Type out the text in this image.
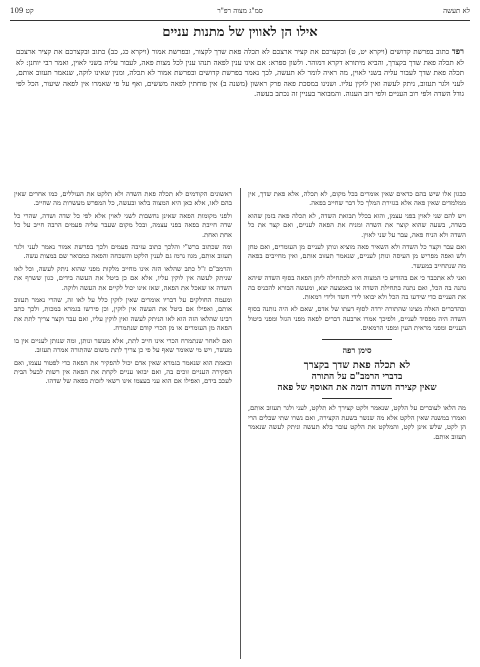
לא תעשה
סמ"ג מצוה רפ"ר
קט 109
אילו הן לאווין של מתנות עניים
רפד כתוב בפרשת קדושים (ויקרא יט, ט) ובקצרכם את קציר ארצכם לא תכלה פאת שדך לקצור, ובפרשת אמור (ויקרא כג, כב) כתוב ובקצרכם את קציר ארצכם לא תכלה פאת שדך בקצרך, והביא מיתורא דקרא דמוהר. ולשון ספרא: אם אינו ענין לפאה תנהו ענין לכל מצות פאה, לעבור עליה בשני לאוין, ואמר רבי יוחנן: לא תכלה פאת שדך לעבור עליה בשני לאוין, מה ראיה לומר לא תעשה, לכך נאמר בפרשת קדושים ובפרשת אמור לא תכלה, ומנין שאינו לוקה, שנאמר תעזוב אותם, לעני ולגר תעזוב, ניתק לעשה ואין לוקין עליו. ושנינו במסכת פאה פרק ראשון (משנה ב) אין פוחתין לפאה מששים, ואף על פי שאמרו אין לפאה שיעור, הכל לפי גודל השדה ולפי רוב העניים ולפי רוב הענוה. והמבואר בעניין זה נכתב בעשה.

כבגון אלו שיש בהם כדאים שאין אומרים בכל מקום, לא תכלה, אלא פאת שדך, אין ממלמדים שאין פאה אלא בגזירת המלך כל דבר שחייב בפאה.

ויש להם שני לאוין בפני עצמן, והוא בכלל תבואת השדה, לא תכלה פאה בזמן שהוא בשדה, בשעה שהוא קוצר את השדה ומניח את הפאה לעניים, ואם קצר את כל השדה ולא הניח פאה, עבר על שני לאוין.

ואם עבר וקצר כל השדה ולא השאיר פאה מוציא ונותן לעניים מן העומרים, ואם טחן ולש ואפה מפריש מן העיסה ונותן לעניים, שנאמר תעזוב אותם, ואין מחייבים בפאה מה שנתחייב במעשר.

ואני לא אתכבד כי אם בהודיע כי המצוה היא לכתחילה ליתן הפאה בסוף השדה שיהא נהנה בה הכל, ואם נתנה בתחילת השדה או באמצעה יצא, ומעשה הבורא להכניס בה את העניים כדי שידעו בה הכל ולא יבואו לידי חשד ולידי רמאות.

ובהדברים האלה מצינו שהתורה ירדה לסוף דעתו של אדם, שאם לא היה נותנה בסוף השדה היה מפסיד לעניים, ולפיכך אמרו ארבעה דברים לפאה מפני הגזל ומפני ביטול העניים ומפני מראית העין ומפני הרמאים.

סימן רפה
לא תכלה פאת שדך בקצרך
בדברי הרמב"ם על התורה
שאין קצירה השדה דומה את האוסף של פאה

מה הלאו לעוברים על הלקט, שנאמר ולקט קצירך לא תלקט, לעני ולגר תעזוב אותם, ואמרו במשנה שאין הלקט אלא מה שנשר בשעת הקצירה, ואם נשרו שתי שבלים הרי הן לקט, שלש אינן לקט, והמלקט את הלקט עובר בלא תעשה וניתק לעשה שנאמר תעזוב אותם.

ראשונים הקודמים לא תכלה פאת השדה ולא תלקט את העוללים, כמו אחרים שאין בהם לאו, אלא כאן היא המצוה בלאו ובעשה, כל המפרש מעשרות מה שחייב.

ולפני מקומות הפאה שאינן נחשבות לשני לאוין אלא לפי כל שדה ושדה, שהרי כל שדה חייבת בפאה בפני עצמה, ובכל מקום שעבר עליה פעמים הרבה חייב על כל אחת ואחת.

ומה שכתוב ברש"י והלכך כתוב עזיבה פעמים ולכך בפרשת אמור נאמר לעני ולגר תעזוב אותם, מגוז נרמז גם לענין הלקט והשכחה והפאה כמבואר שם במצות עשה.

והרמב"ם ז"ל כתב שהלאו הזה אינו מחייב מלקות מפני שהוא ניתק לעשה, וכל לאו שניתק לעשה אין לוקין עליו, אלא אם כן ביטל את העשה בידים, כגון ששרף את השדה או שאכל את הפאה, שאז אינו יכול לקיים את העשה ולוקה.

ומעמה החולקים על דבריו אומרים שאין לוקין כלל על לאו זה, שהרי נאמר תעזוב אותם, ואפילו אם ביטל את העשה אין לוקין, וכן פירשו בגמרא במכות, ולכך כתב רבינו שהלאו הזה הוא לאו הניתק לעשה ואין לוקין עליו, ואם עבר וקצר צריך לתת את הפאה מן העומרים או מן הכרי קודם שנתמרח.

ואם לאחר שנתמרח הכרי אינו חייב לתת, אלא מעשר ונותן, ומה שנותן לעניים אין בו מעשר, ויש מי שאומר שאף על פי כן צריך לתת משום שהתורה אמרה תעזוב.

ובאמת הוא שנאמר בגמרא שאין אדם יכול להפקיר את הפאה כדי לפטור עצמו, ואם הפקירה העניים זוכים בה, ואם יבואו עניים לקחת את הפאה אין רשות לבעל הבית לעכב בידם, ואפילו אם הוא עני בעצמו אינו רשאי לזכות בפאה של שדהו.
